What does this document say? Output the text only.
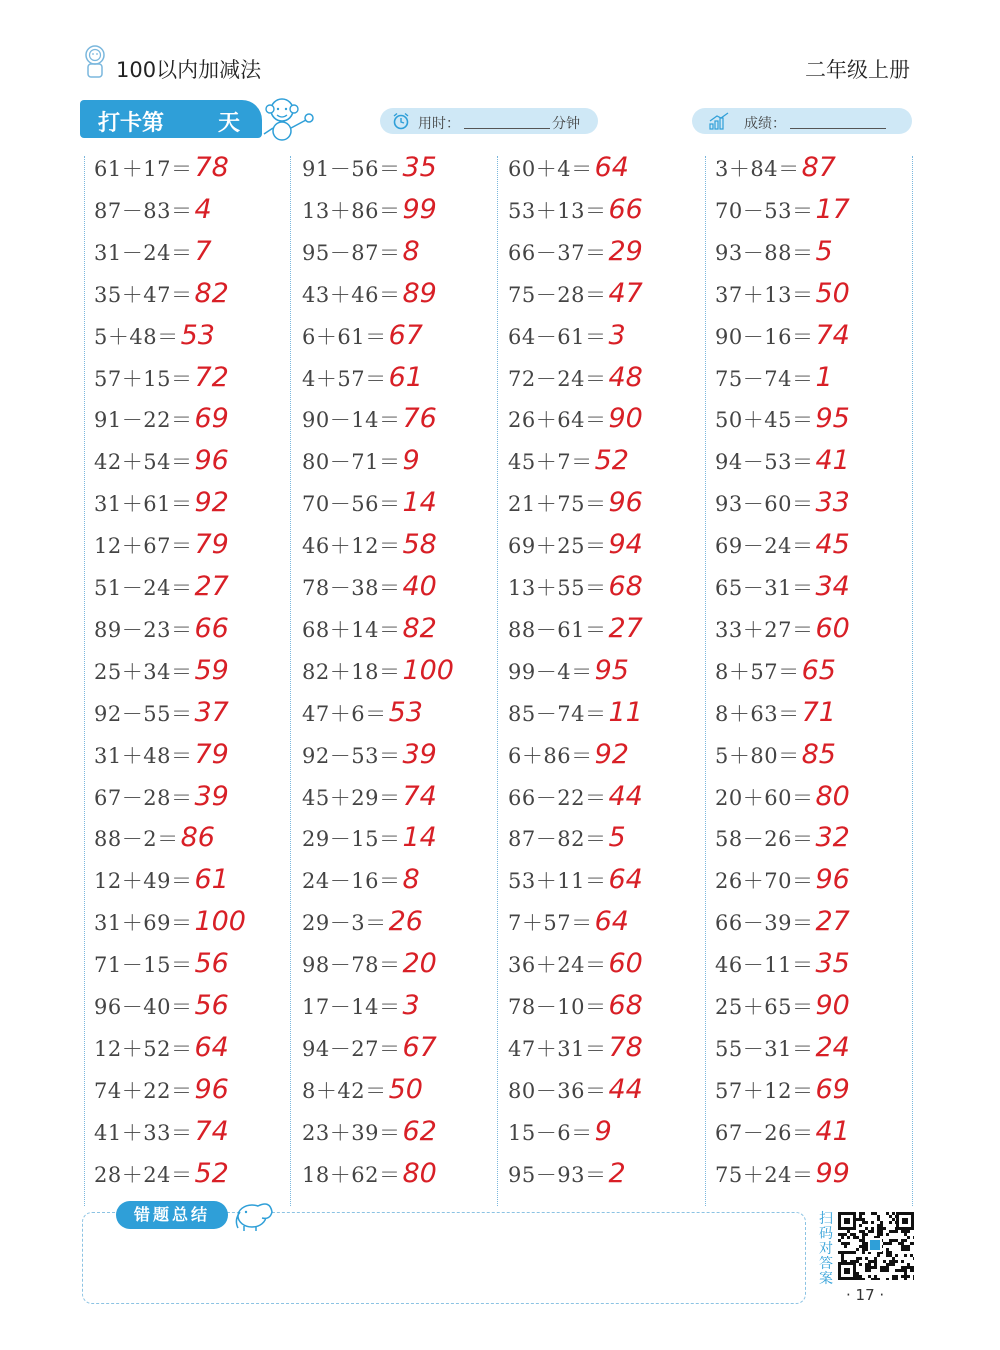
100以内加减法	二年级上册
打卡第 天	用时：	分钟	成绩：
61＋17＝78
87－83＝4
31－24＝7
35＋47＝82
5＋48＝53
57＋15＝72
91－22＝69
42＋54＝96
31＋61＝92
12＋67＝79
51－24＝27
89－23＝66
25＋34＝59
92－55＝37
31＋48＝79
67－28＝39
88－2＝86
12＋49＝61
31＋69＝100
71－15＝56
96－40＝56
12＋52＝64
74＋22＝96
41＋33＝74
28＋24＝52
91－56＝35
13＋86＝99
95－87＝8
43＋46＝89
6＋61＝67
4＋57＝61
90－14＝76
80－71＝9
70－56＝14
46＋12＝58
78－38＝40
68＋14＝82
82＋18＝100
47＋6＝53
92－53＝39
45＋29＝74
29－15＝14
24－16＝8
29－3＝26
98－78＝20
17－14＝3
94－27＝67
8＋42＝50
23＋39＝62
18＋62＝80
60＋4＝64
53＋13＝66
66－37＝29
75－28＝47
64－61＝3
72－24＝48
26＋64＝90
45＋7＝52
21＋75＝96
69＋25＝94
13＋55＝68
88－61＝27
99－4＝95
85－74＝11
6＋86＝92
66－22＝44
87－82＝5
53＋11＝64
7＋57＝64
36＋24＝60
78－10＝68
47＋31＝78
80－36＝44
15－6＝9
95－93＝2
3＋84＝87
70－53＝17
93－88＝5
37＋13＝50
90－16＝74
75－74＝1
50＋45＝95
94－53＝41
93－60＝33
69－24＝45
65－31＝34
33＋27＝60
8＋57＝65
8＋63＝71
5＋80＝85
20＋60＝80
58－26＝32
26＋70＝96
66－39＝27
46－11＝35
25＋65＝90
55－31＝24
57＋12＝69
67－26＝41
75＋24＝99
错题总结	扫码对答案
· 17 ·
